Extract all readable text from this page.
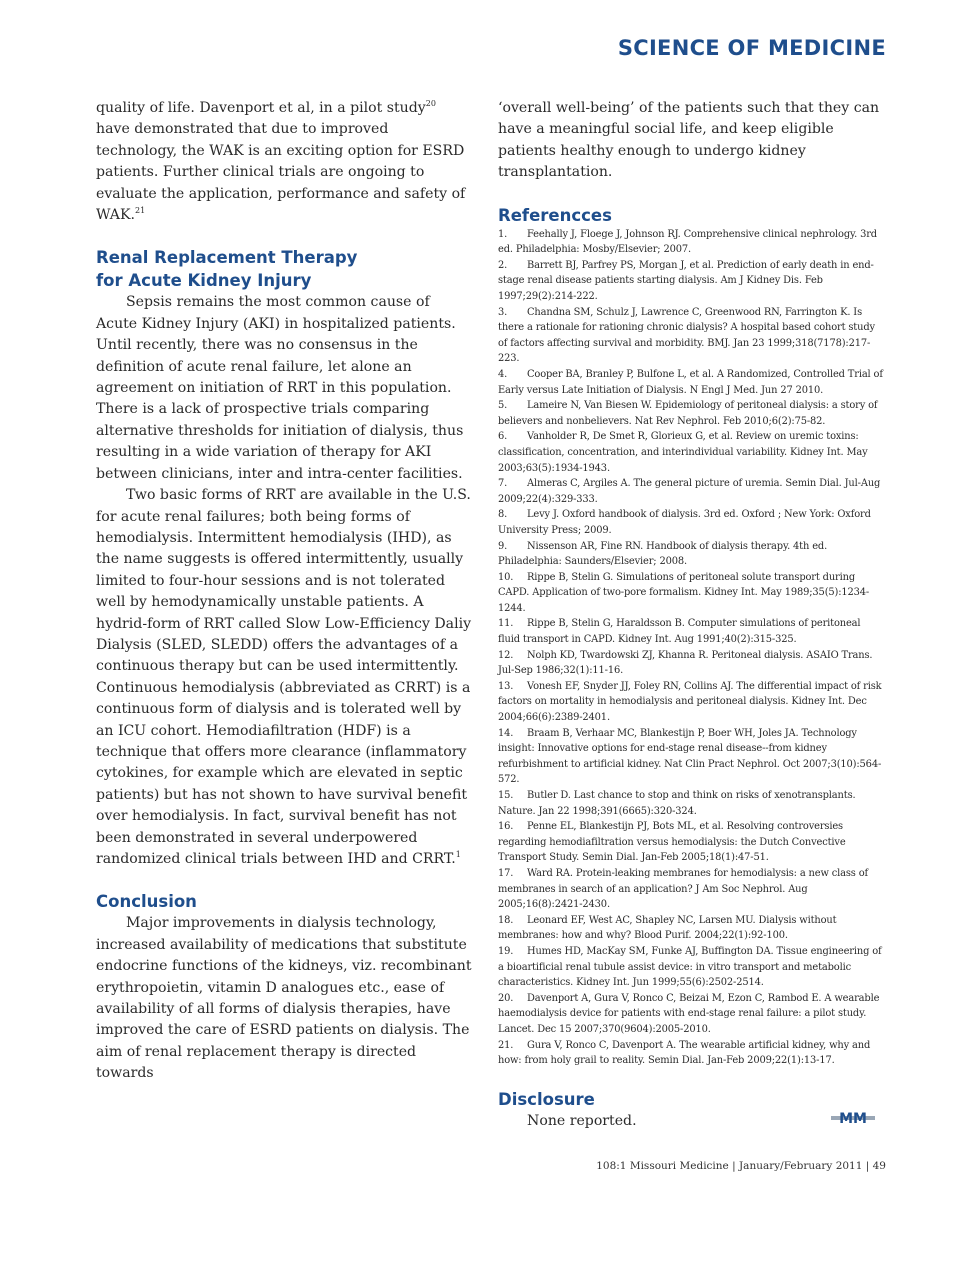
SCIENCE OF MEDICINE

quality of life. Davenport et al, in a pilot study$^{20}$ have demonstrated that due to improved technology, the WAK is an exciting option for ESRD patients. Further clinical trials are ongoing to evaluate the application, performance and safety of WAK.$^{21}$

Renal Replacement Therapy
for Acute Kidney Injury

Sepsis remains the most common cause of Acute Kidney Injury (AKI) in hospitalized patients. Until recently, there was no consensus in the definition of acute renal failure, let alone an agreement on initiation of RRT in this population. There is a lack of prospective trials comparing alternative thresholds for initiation of dialysis, thus resulting in a wide variation of therapy for AKI between clinicians, inter and intra-center facilities.

Two basic forms of RRT are available in the U.S. for acute renal failures; both being forms of hemodialysis. Intermittent hemodialysis (IHD), as the name suggests is offered intermittently, usually limited to four-hour sessions and is not tolerated well by hemodynamically unstable patients. A hydrid-form of RRT called Slow Low-Efficiency Daliy Dialysis (SLED, SLEDD) offers the advantages of a continuous therapy but can be used intermittently. Continuous hemodialysis (abbreviated as CRRT) is a continuous form of dialysis and is tolerated well by an ICU cohort. Hemodiafiltration (HDF) is a technique that offers more clearance (inflammatory cytokines, for example which are elevated in septic patients) but has not shown to have survival benefit over hemodialysis. In fact, survival benefit has not been demonstrated in several underpowered randomized clinical trials between IHD and CRRT.$^1$

Conclusion

Major improvements in dialysis technology, increased availability of medications that substitute endocrine functions of the kidneys, viz. recombinant erythropoietin, vitamin D analogues etc., ease of availability of all forms of dialysis therapies, have improved the care of ESRD patients on dialysis. The aim of renal replacement therapy is directed towards

‘overall well-being’ of the patients such that they can have a meaningful social life, and keep eligible patients healthy enough to undergo kidney transplantation.

Referencces
1. Feehally J, Floege J, Johnson RJ. Comprehensive clinical nephrology. 3rd ed. Philadelphia: Mosby/Elsevier; 2007.
2. Barrett BJ, Parfrey PS, Morgan J, et al. Prediction of early death in end-stage renal disease patients starting dialysis. Am J Kidney Dis. Feb 1997;29(2):214-222.
3. Chandna SM, Schulz J, Lawrence C, Greenwood RN, Farrington K. Is there a rationale for rationing chronic dialysis? A hospital based cohort study of factors affecting survival and morbidity. BMJ. Jan 23 1999;318(7178):217-223.
4. Cooper BA, Branley P, Bulfone L, et al. A Randomized, Controlled Trial of Early versus Late Initiation of Dialysis. N Engl J Med. Jun 27 2010.
5. Lameire N, Van Biesen W. Epidemiology of peritoneal dialysis: a story of believers and nonbelievers. Nat Rev Nephrol. Feb 2010;6(2):75-82.
6. Vanholder R, De Smet R, Glorieux G, et al. Review on uremic toxins: classification, concentration, and interindividual variability. Kidney Int. May 2003;63(5):1934-1943.
7. Almeras C, Argiles A. The general picture of uremia. Semin Dial. Jul-Aug 2009;22(4):329-333.
8. Levy J. Oxford handbook of dialysis. 3rd ed. Oxford ; New York: Oxford University Press; 2009.
9. Nissenson AR, Fine RN. Handbook of dialysis therapy. 4th ed. Philadelphia: Saunders/Elsevier; 2008.
10. Rippe B, Stelin G. Simulations of peritoneal solute transport during CAPD. Application of two-pore formalism. Kidney Int. May 1989;35(5):1234-1244.
11. Rippe B, Stelin G, Haraldsson B. Computer simulations of peritoneal fluid transport in CAPD. Kidney Int. Aug 1991;40(2):315-325.
12. Nolph KD, Twardowski ZJ, Khanna R. Peritoneal dialysis. ASAIO Trans. Jul-Sep 1986;32(1):11-16.
13. Vonesh EF, Snyder JJ, Foley RN, Collins AJ. The differential impact of risk factors on mortality in hemodialysis and peritoneal dialysis. Kidney Int. Dec 2004;66(6):2389-2401.
14. Braam B, Verhaar MC, Blankestijn P, Boer WH, Joles JA. Technology insight: Innovative options for end-stage renal disease--from kidney refurbishment to artificial kidney. Nat Clin Pract Nephrol. Oct 2007;3(10):564-572.
15. Butler D. Last chance to stop and think on risks of xenotransplants. Nature. Jan 22 1998;391(6665):320-324.
16. Penne EL, Blankestijn PJ, Bots ML, et al. Resolving controversies regarding hemodiafiltration versus hemodialysis: the Dutch Convective Transport Study. Semin Dial. Jan-Feb 2005;18(1):47-51.
17. Ward RA. Protein-leaking membranes for hemodialysis: a new class of membranes in search of an application? J Am Soc Nephrol. Aug 2005;16(8):2421-2430.
18. Leonard EF, West AC, Shapley NC, Larsen MU. Dialysis without membranes: how and why? Blood Purif. 2004;22(1):92-100.
19. Humes HD, MacKay SM, Funke AJ, Buffington DA. Tissue engineering of a bioartificial renal tubule assist device: in vitro transport and metabolic characteristics. Kidney Int. Jun 1999;55(6):2502-2514.
20. Davenport A, Gura V, Ronco C, Beizai M, Ezon C, Rambod E. A wearable haemodialysis device for patients with end-stage renal failure: a pilot study. Lancet. Dec 15 2007;370(9604):2005-2010.
21. Gura V, Ronco C, Davenport A. The wearable artificial kidney, why and how: from holy grail to reality. Semin Dial. Jan-Feb 2009;22(1):13-17.
Disclosure

None reported.	MM
108:1 Missouri Medicine | January/February 2011 | 49
